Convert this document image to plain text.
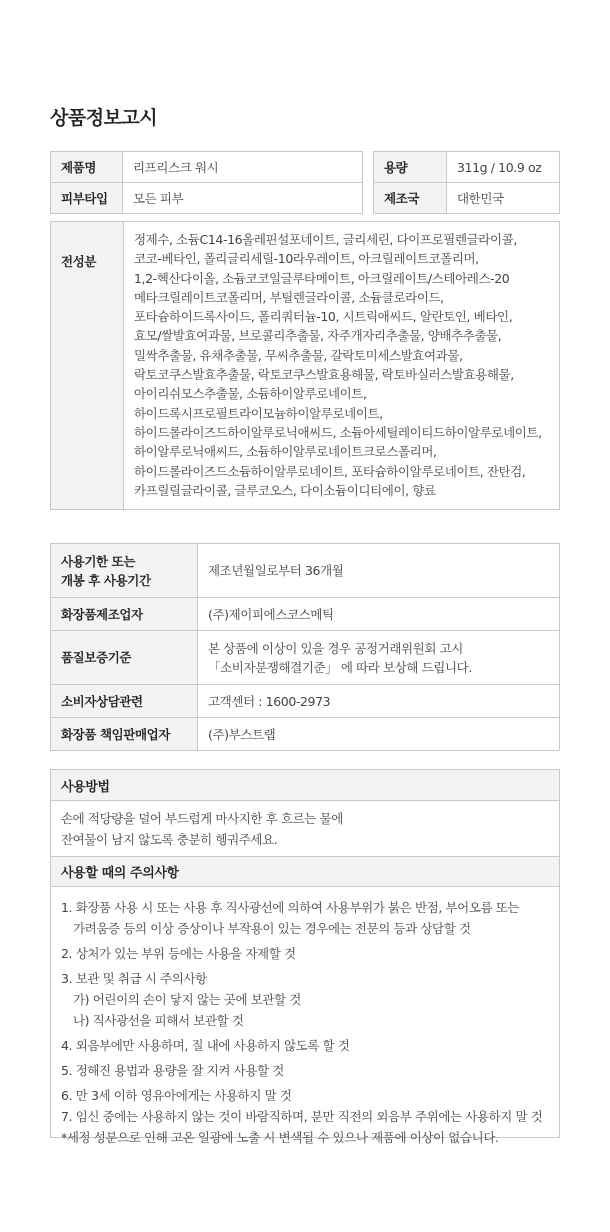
상품정보고시
제품명	리프리스크 워시
피부타입	모든 피부
용량	311g / 10.9 oz
제조국	대한민국
전성분	
정제수, 소듐C14-16올레핀설포네이트, 글리세린, 다이프로필렌글라이콜,
코코-베타인, 폴리글리세릴-10라우레이트, 아크릴레이트코폴리머,
1,2-헥산다이올, 소듐코코일글루타메이트, 아크릴레이트/스테아레스-20
메타크릴레이트코폴리머, 부틸렌글라이콜, 소듐클로라이드,
포타슘하이드록사이드, 폴리쿼터늄-10, 시트릭애씨드, 알란토인, 베타인,
효모/쌀발효여과물, 브로콜리추출물, 자주개자리추출물, 양배추추출물,
밀싹추출물, 유채추출물, 무씨추출물, 갈락토미세스발효여과물,
락토코쿠스발효추출물, 락토코쿠스발효용해물, 락토바실러스발효용해물,
아이리쉬모스추출물, 소듐하이알루로네이트,
하이드록시프로필트라이모늄하이알루로네이트,
하이드롤라이즈드하이알루로닉애씨드, 소듐아세틸레이티드하이알루로네이트,
하이알루로닉애씨드, 소듐하이알루로네이트크로스폴리머,
하이드롤라이즈드소듐하이알루로네이트, 포타슘하이알루로네이트, 잔탄검,
카프릴릴글라이콜, 글루코오스, 다이소듐이디티에이, 향료
사용기한 또는
개봉 후 사용기간	제조년월일로부터 36개월
화장품제조업자	(주)제이피에스코스메틱
품질보증기준	본 상품에 이상이 있을 경우 공정거래위원회 고시
「소비자분쟁해결기준」 에 따라 보상해 드립니다.

소비자상담관련	고객센터 : 1600-2973
화장품 책임판매업자	(주)부스트랩
사용방법
손에 적당량을 덜어 부드럽게 마사지한 후 흐르는 물에
잔여물이 남지 않도록 충분히 헹궈주세요.
사용할 때의 주의사항
1. 화장품 사용 시 또는 사용 후 직사광선에 의하여 사용부위가 붉은 반점, 부어오름 또는
가려움증 등의 이상 증상이나 부작용이 있는 경우에는 전문의 등과 상담할 것
2. 상처가 있는 부위 등에는 사용을 자제할 것
3. 보관 및 취급 시 주의사항
가) 어린이의 손이 닿지 않는 곳에 보관할 것
나) 직사광선을 피해서 보관할 것
4. 외음부에만 사용하며, 질 내에 사용하지 않도록 할 것
5. 정해진 용법과 용량을 잘 지켜 사용할 것
6. 만 3세 이하 영유아에게는 사용하지 말 것
7. 임신 중에는 사용하지 않는 것이 바람직하며, 분만 직전의 외음부 주위에는 사용하지 말 것
*세정 성분으로 인해 고온 일광에 노출 시 변색될 수 있으나 제품에 이상이 없습니다.
